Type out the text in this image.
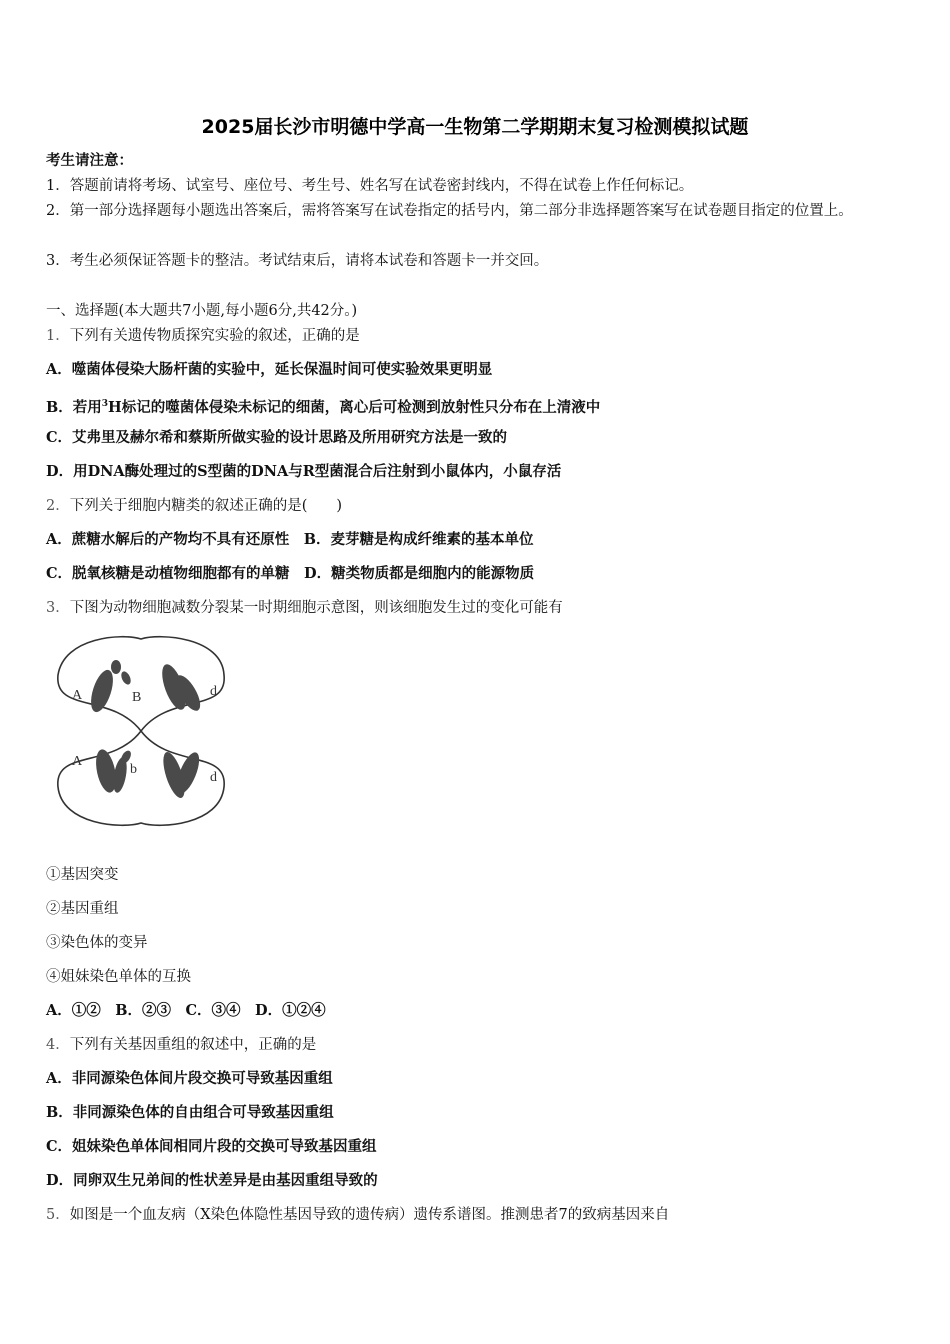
2025届长沙市明德中学高一生物第二学期期末复习检测模拟试题
考生请注意：
1．答题前请将考场、试室号、座位号、考生号、姓名写在试卷密封线内，不得在试卷上作任何标记。
2．第一部分选择题每小题选出答案后，需将答案写在试卷指定的括号内，第二部分非选择题答案写在试卷题目指定的位置上。
3．考生必须保证答题卡的整洁。考试结束后，请将本试卷和答题卡一并交回。
一、选择题(本大题共7小题,每小题6分,共42分。)
1．下列有关遗传物质探究实验的叙述，正确的是
A．噬菌体侵染大肠杆菌的实验中，延长保温时间可使实验效果更明显
B．若用$^3$H标记的噬菌体侵染未标记的细菌，离心后可检测到放射性只分布在上清液中
C．艾弗里及赫尔希和蔡斯所做实验的设计思路及所用研究方法是一致的
D．用DNA酶处理过的S型菌的DNA与R型菌混合后注射到小鼠体内，小鼠存活
2．下列关于细胞内糖类的叙述正确的是(　　)
A．蔗糖水解后的产物均不具有还原性　B．麦芽糖是构成纤维素的基本单位
C．脱氧核糖是动植物细胞都有的单糖　D．糖类物质都是细胞内的能源物质
3．下图为动物细胞减数分裂某一时期细胞示意图，则该细胞发生过的变化可能有
A	B	d
A
b
d
①基因突变
②基因重组
③染色体的变异
④姐妹染色单体的互换
A．①②　B．②③　C．③④　D．①②④
4．下列有关基因重组的叙述中，正确的是
A．非同源染色体间片段交换可导致基因重组
B．非同源染色体的自由组合可导致基因重组
C．姐妹染色单体间相同片段的交换可导致基因重组
D．同卵双生兄弟间的性状差异是由基因重组导致的
5．如图是一个血友病（X染色体隐性基因导致的遗传病）遗传系谱图。推测患者7的致病基因来自
